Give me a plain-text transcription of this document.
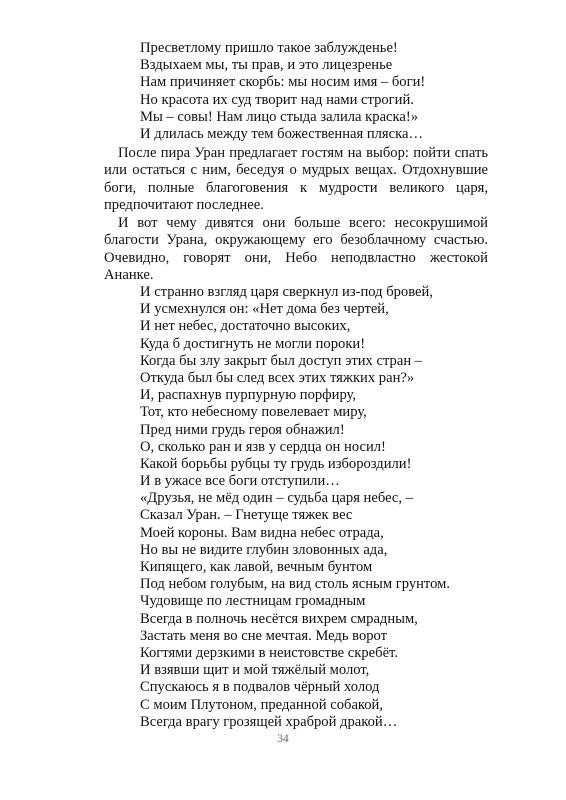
Пресветлому пришло такое заблужденье!
Вздыхаем мы, ты прав, и это лицезренье
Нам причиняет скорбь: мы носим имя – боги!
Но красота их суд творит над нами строгий.
Мы – совы! Нам лицо стыда залила краска!»
И длилась между тем божественная пляска…
После пира Уран предлагает гостям на выбор: пойти спать или остаться с ним, беседуя о мудрых вещах. Отдохнувшие боги, полные благоговения к мудрости великого царя, предпочитают последнее.
И вот чему дивятся они больше всего: несокрушимой благости Урана, окружающему его безоблачному счастью. Очевидно, говорят они, Небо неподвластно жестокой Ананке.
И странно взгляд царя сверкнул из-под бровей,
И усмехнулся он: «Нет дома без чертей,
И нет небес, достаточно высоких,
Куда б достигнуть не могли пороки!
Когда бы злу закрыт был доступ этих стран –
Откуда был бы след всех этих тяжких ран?»
И, распахнув пурпурную порфиру,
Тот, кто небесному повелевает миру,
Пред ними грудь героя обнажил!
О, сколько ран и язв у сердца он носил!
Какой борьбы рубцы ту грудь избороздили!
И в ужасе все боги отступили…
«Друзья, не мёд один – судьба царя небес, –
Сказал Уран. – Гнетуще тяжек вес
Моей короны. Вам видна небес отрада,
Но вы не видите глубин зловонных ада,
Кипящего, как лавой, вечным бунтом
Под небом голубым, на вид столь ясным грунтом.
Чудовище по лестницам громадным
Всегда в полночь несётся вихрем смрадным,
Застать меня во сне мечтая. Медь ворот
Когтями дерзкими в неистовстве скребёт.
И взявши щит и мой тяжёлый молот,
Спускаюсь я в подвалов чёрный холод
С моим Плутоном, преданной собакой,
Всегда врагу грозящей храброй дракой…
34
